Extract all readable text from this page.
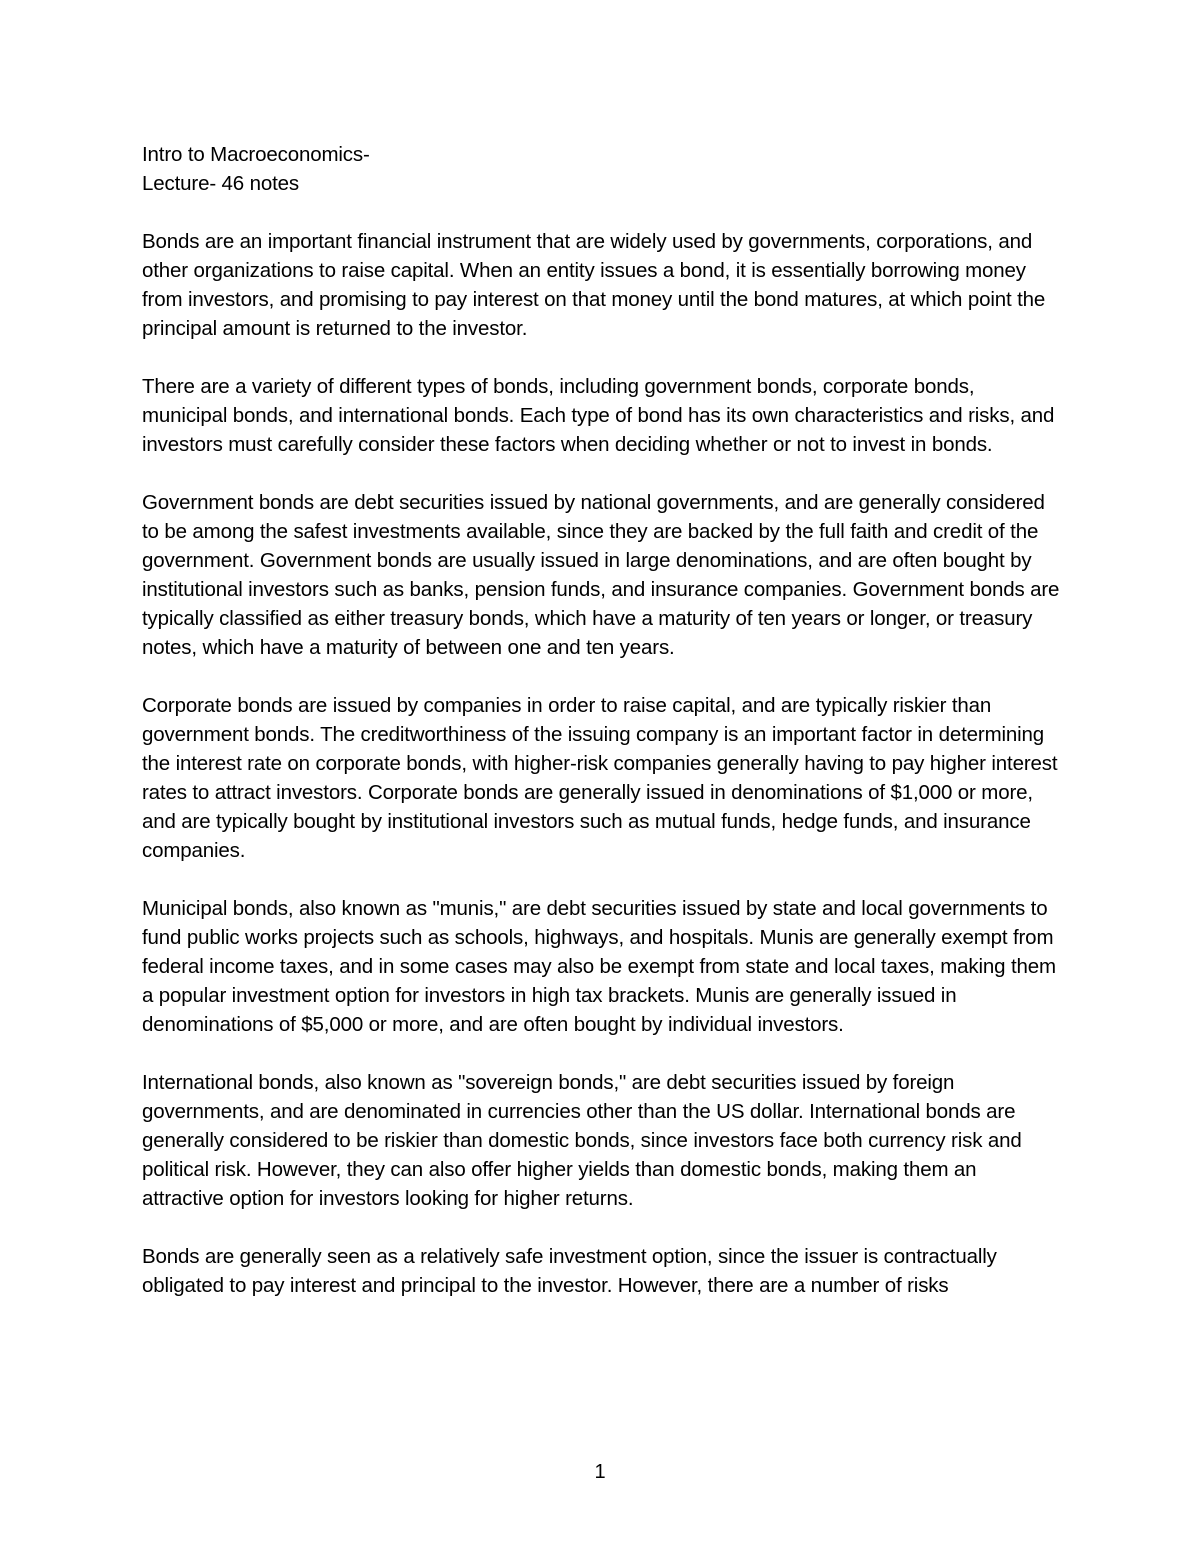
Intro to Macroeconomics-

Lecture- 46 notes

Bonds are an important financial instrument that are widely used by governments, corporations, and other organizations to raise capital. When an entity issues a bond, it is essentially borrowing money from investors, and promising to pay interest on that money until the bond matures, at which point the principal amount is returned to the investor.

There are a variety of different types of bonds, including government bonds, corporate bonds, municipal bonds, and international bonds. Each type of bond has its own characteristics and risks, and investors must carefully consider these factors when deciding whether or not to invest in bonds.

Government bonds are debt securities issued by national governments, and are generally considered to be among the safest investments available, since they are backed by the full faith and credit of the government. Government bonds are usually issued in large denominations, and are often bought by institutional investors such as banks, pension funds, and insurance companies. Government bonds are typically classified as either treasury bonds, which have a maturity of ten years or longer, or treasury notes, which have a maturity of between one and ten years.

Corporate bonds are issued by companies in order to raise capital, and are typically riskier than government bonds. The creditworthiness of the issuing company is an important factor in determining the interest rate on corporate bonds, with higher-risk companies generally having to pay higher interest rates to attract investors. Corporate bonds are generally issued in denominations of $1,000 or more, and are typically bought by institutional investors such as mutual funds, hedge funds, and insurance companies.

Municipal bonds, also known as "munis," are debt securities issued by state and local governments to fund public works projects such as schools, highways, and hospitals. Munis are generally exempt from federal income taxes, and in some cases may also be exempt from state and local taxes, making them a popular investment option for investors in high tax brackets. Munis are generally issued in denominations of $5,000 or more, and are often bought by individual investors.

International bonds, also known as "sovereign bonds," are debt securities issued by foreign governments, and are denominated in currencies other than the US dollar. International bonds are generally considered to be riskier than domestic bonds, since investors face both currency risk and political risk. However, they can also offer higher yields than domestic bonds, making them an attractive option for investors looking for higher returns.

Bonds are generally seen as a relatively safe investment option, since the issuer is contractually obligated to pay interest and principal to the investor. However, there are a number of risks

1
